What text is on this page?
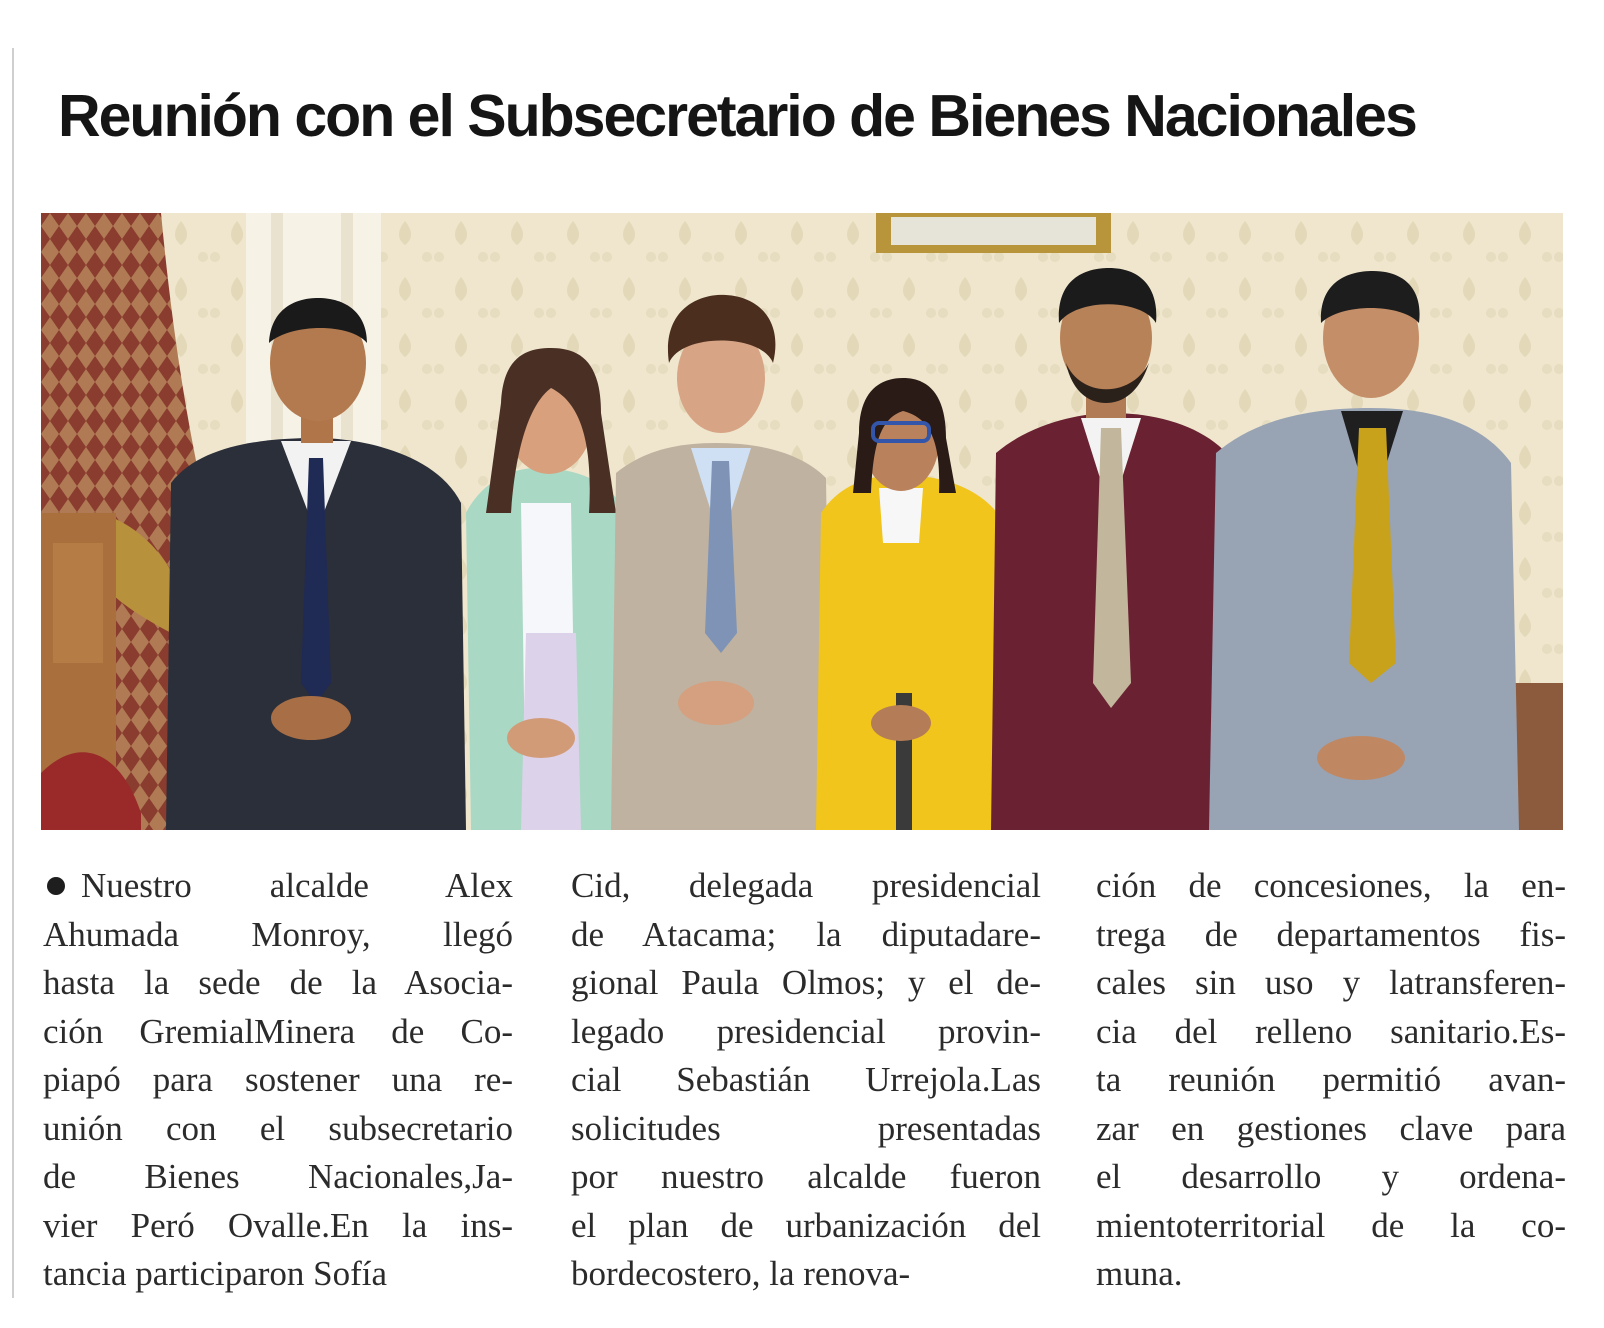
Reunión con el Subsecretario de Bienes Nacionales
Nuestro alcalde Alex
Ahumada Monroy, llegó
hasta la sede de la Asocia-
ción GremialMinera de Co-
piapó para sostener una re-
unión con el subsecretario
de Bienes Nacionales,Ja-
vier Peró Ovalle.En la ins-
tancia participaron Sofía
Cid, delegada presidencial
de Atacama; la diputadare-
gional Paula Olmos; y el de-
legado presidencial provin-
cial Sebastián Urrejola.Las
solicitudes presentadas
por nuestro alcalde fueron
el plan de urbanización del
bordecostero, la renova-
ción de concesiones, la en-
trega de departamentos fis-
cales sin uso y latransferen-
cia del relleno sanitario.Es-
ta reunión permitió avan-
zar en gestiones clave para
el desarrollo y ordena-
mientoterritorial de la co-
muna.
